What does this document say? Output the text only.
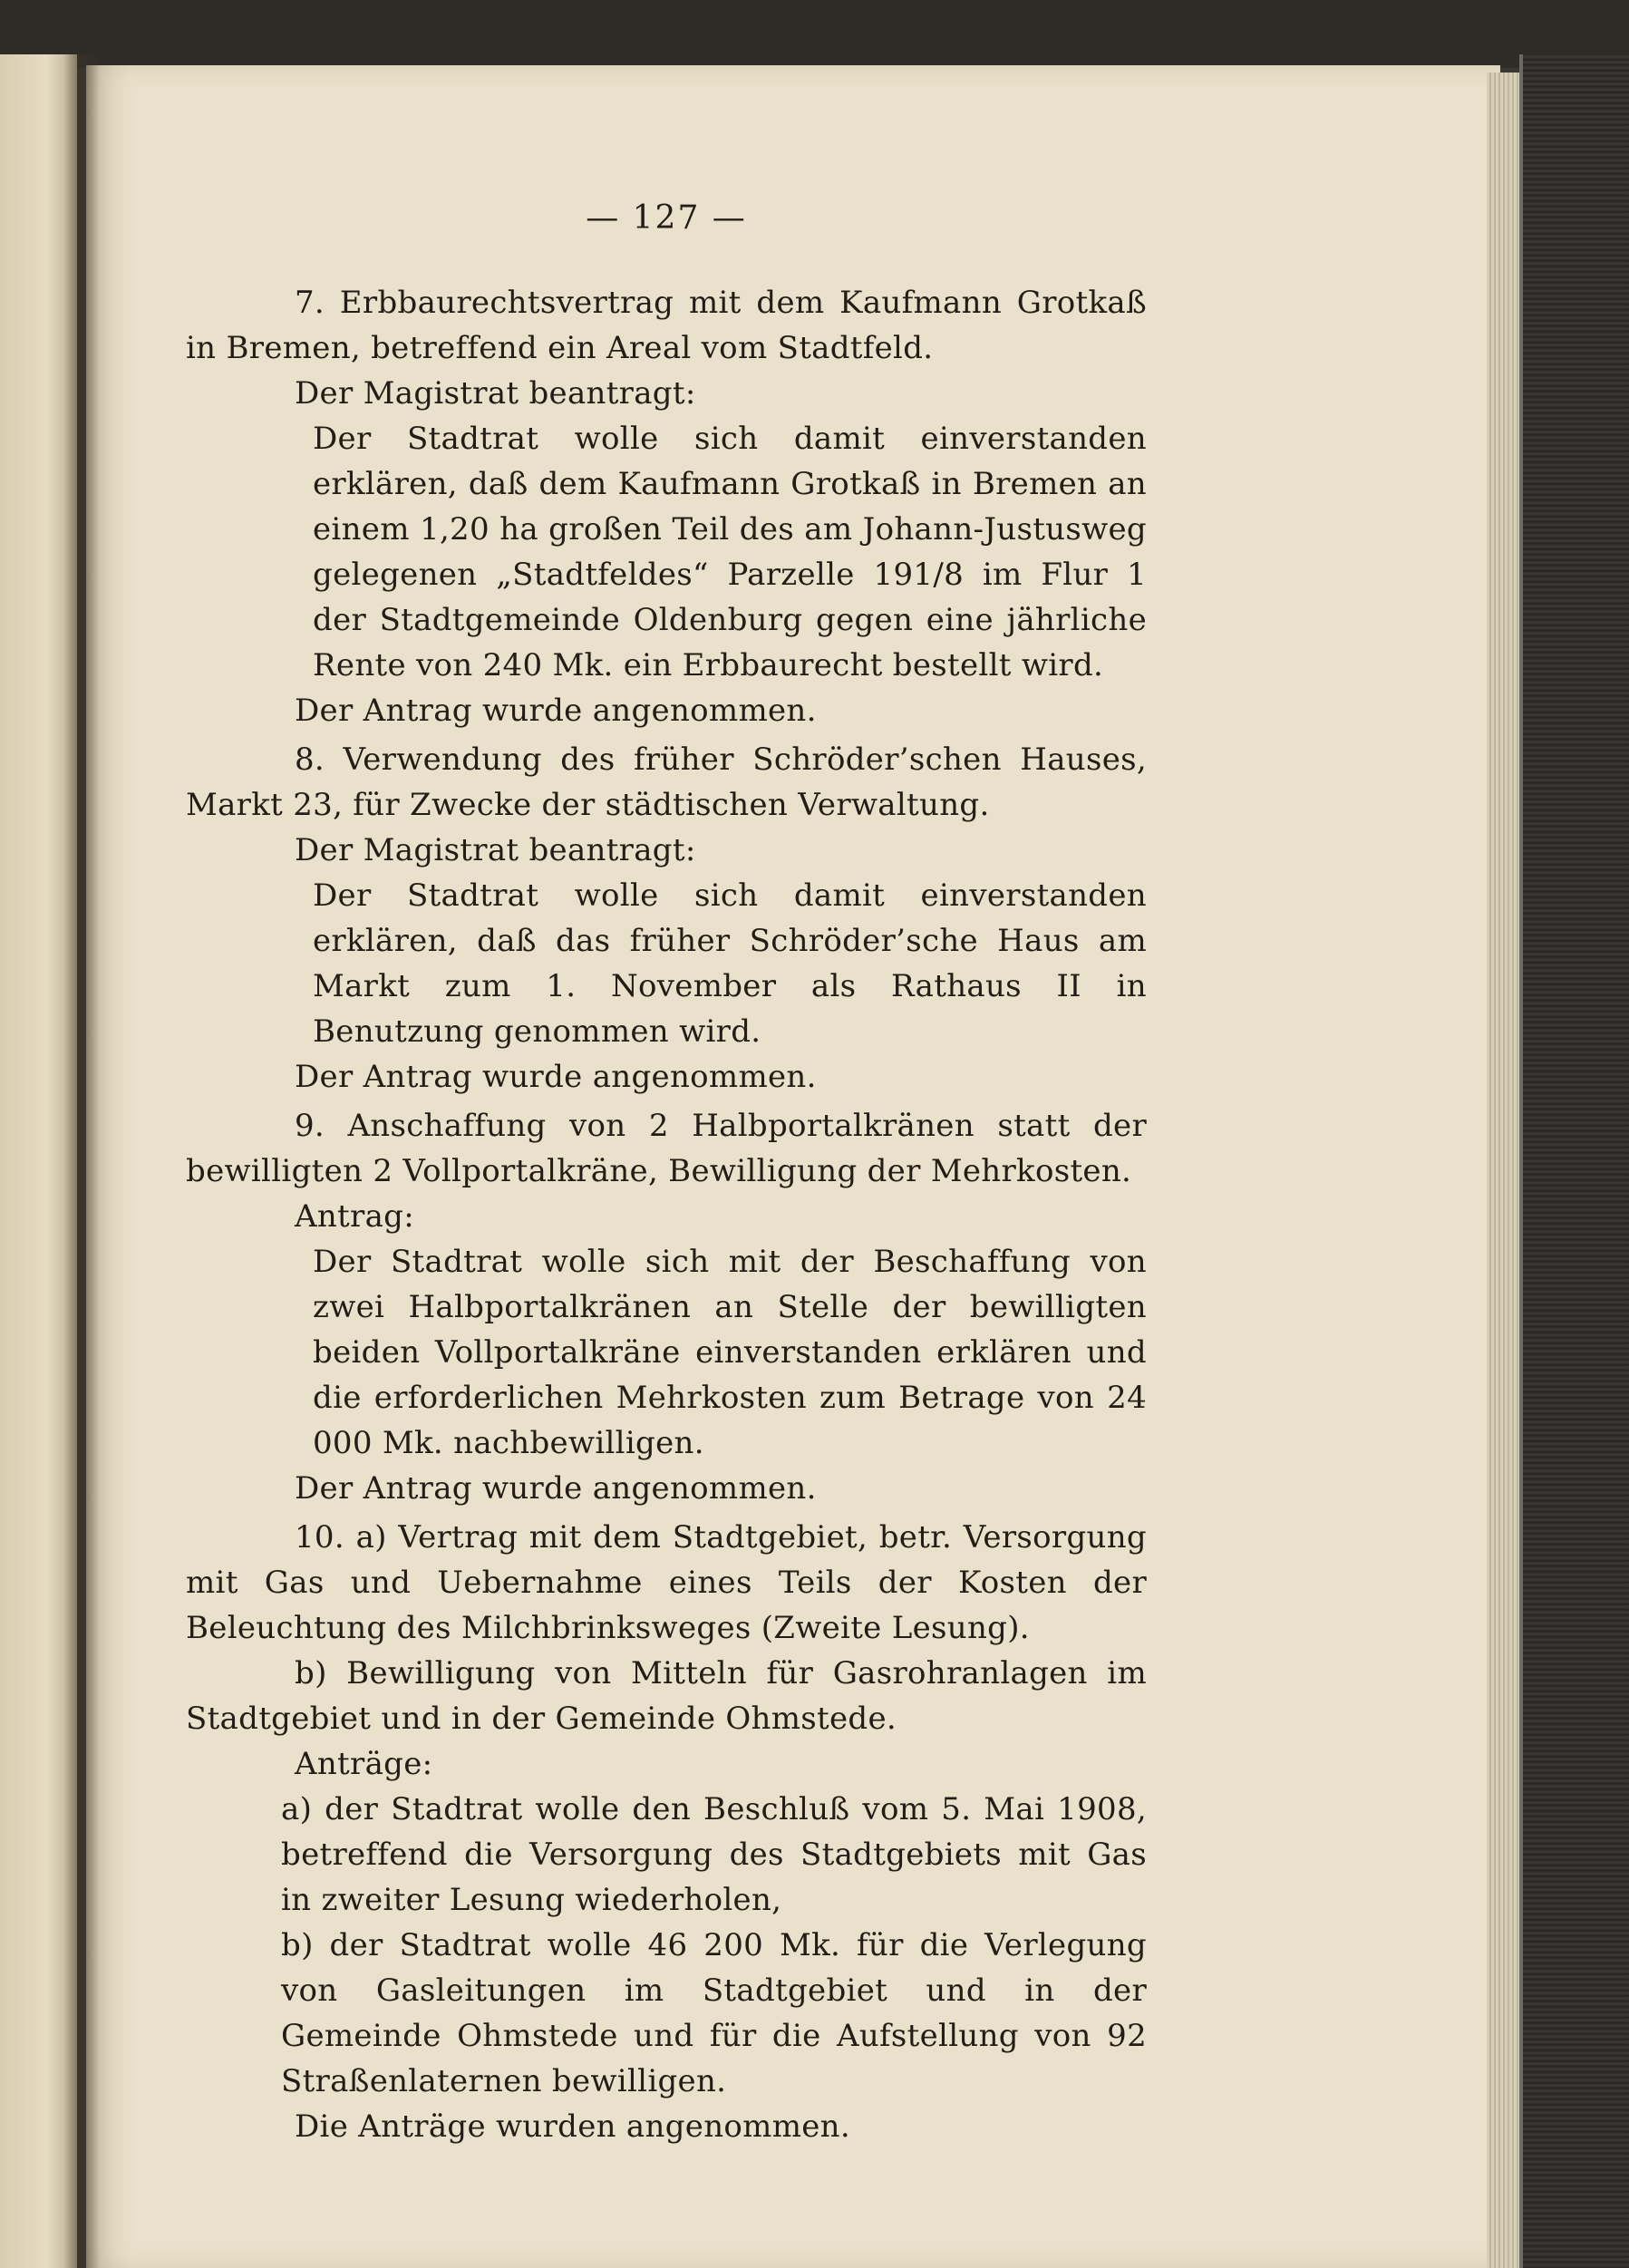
— 127 —

7. Erbbaurechtsvertrag mit dem Kaufmann Grotkaß in Bremen, betreffend ein Areal vom Stadtfeld.

Der Magistrat beantragt:

Der Stadtrat wolle sich damit einverstanden erklären, daß dem Kaufmann Grotkaß in Bremen an einem 1,20 ha großen Teil des am Johann-Justusweg gelegenen „Stadtfeldes“ Parzelle 191/8 im Flur 1 der Stadtgemeinde Oldenburg gegen eine jährliche Rente von 240 Mk. ein Erbbaurecht bestellt wird.

Der Antrag wurde angenommen.

8. Verwendung des früher Schröder’schen Hauses, Markt 23, für Zwecke der städtischen Verwaltung.

Der Magistrat beantragt:

Der Stadtrat wolle sich damit einverstanden erklären, daß das früher Schröder’sche Haus am Markt zum 1. November als Rathaus II in Benutzung genommen wird.

Der Antrag wurde angenommen.

9. Anschaffung von 2 Halbportalkränen statt der bewilligten 2 Vollportalkräne, Bewilligung der Mehrkosten.

Antrag:

Der Stadtrat wolle sich mit der Beschaffung von zwei Halbportalkränen an Stelle der bewilligten beiden Vollportalkräne einverstanden erklären und die erforderlichen Mehrkosten zum Betrage von 24 000 Mk. nachbewilligen.

Der Antrag wurde angenommen.

10. a) Vertrag mit dem Stadtgebiet, betr. Versorgung mit Gas und Uebernahme eines Teils der Kosten der Beleuchtung des Milchbrinksweges (Zweite Lesung).

b) Bewilligung von Mitteln für Gasrohranlagen im Stadtgebiet und in der Gemeinde Ohmstede.

Anträge:

a) der Stadtrat wolle den Beschluß vom 5. Mai 1908, betreffend die Versorgung des Stadtgebiets mit Gas in zweiter Lesung wiederholen,

b) der Stadtrat wolle 46 200 Mk. für die Verlegung von Gasleitungen im Stadtgebiet und in der Gemeinde Ohmstede und für die Aufstellung von 92 Straßenlaternen bewilligen.

Die Anträge wurden angenommen.
